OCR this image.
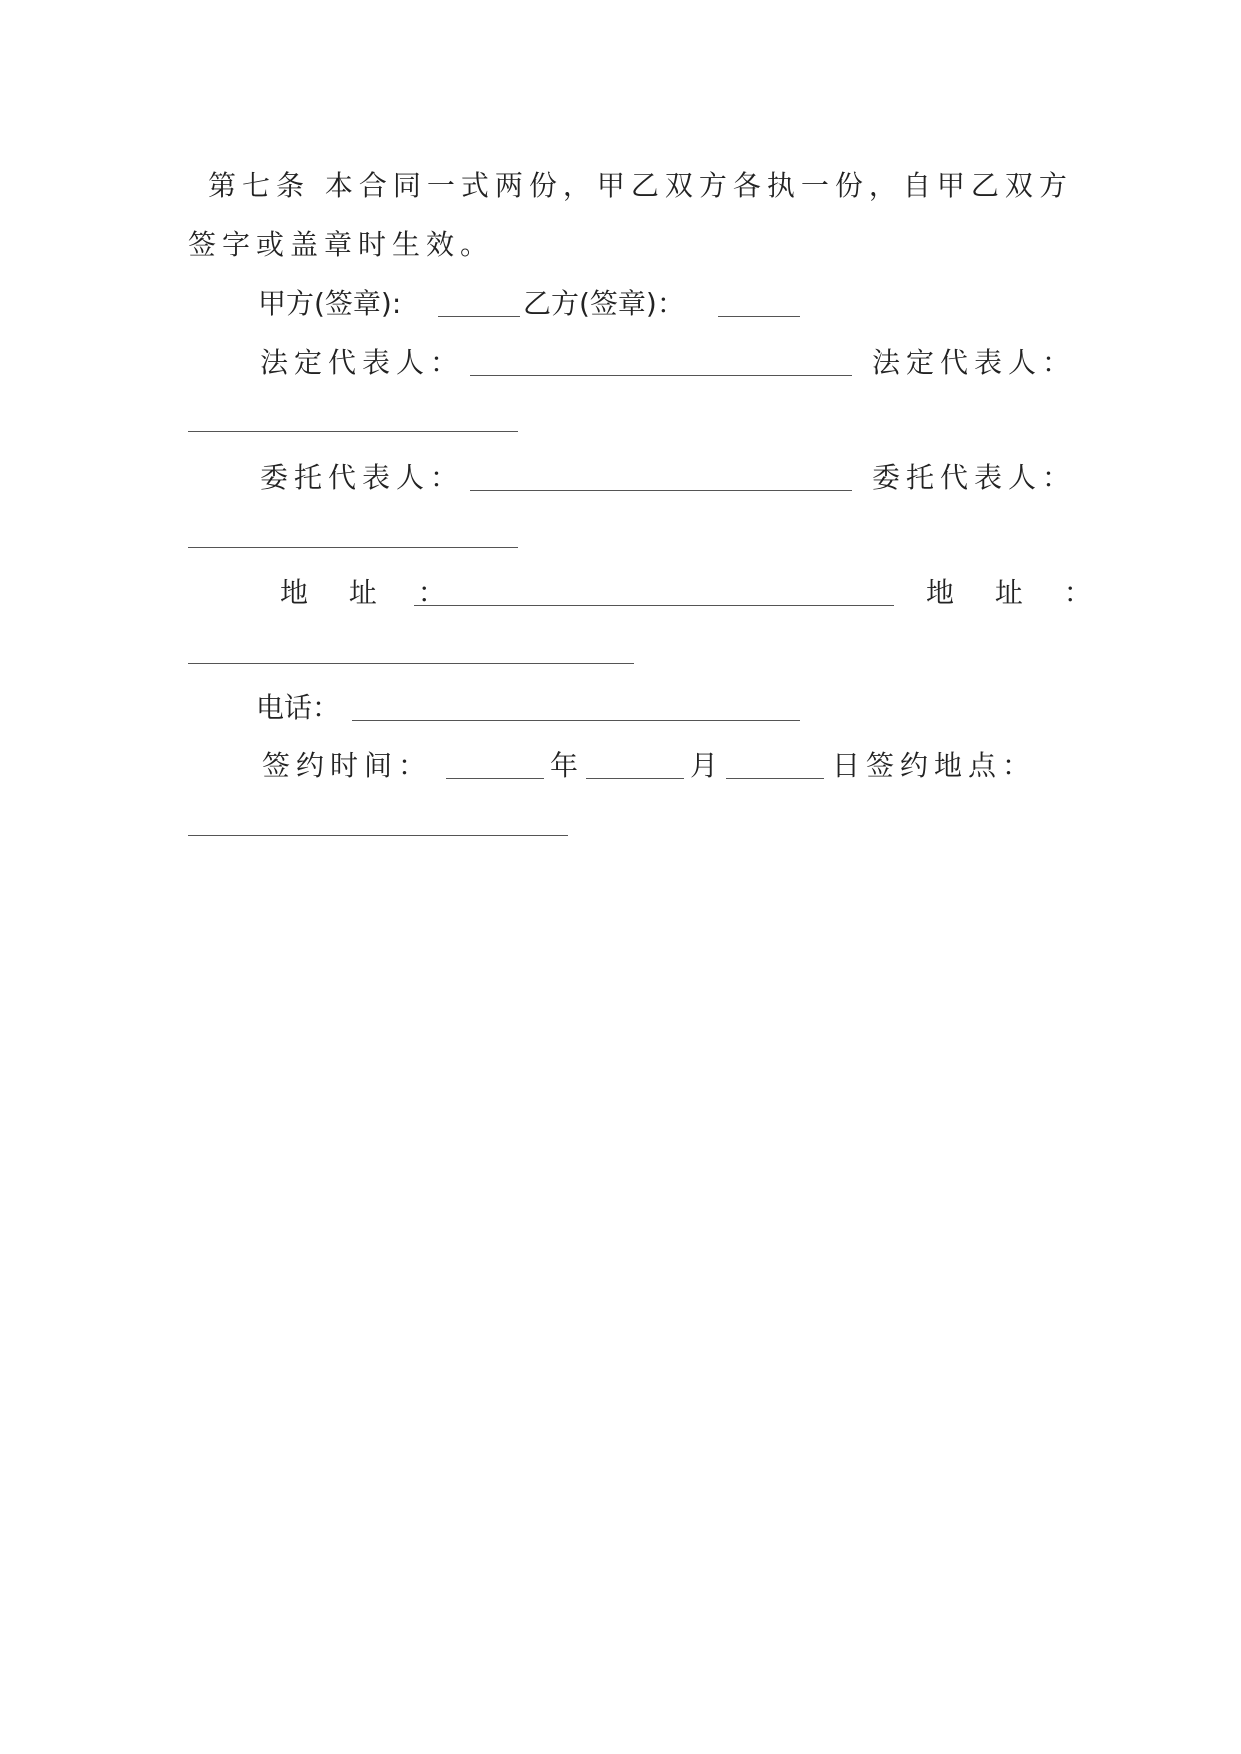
第七条 本合同一式两份，甲乙双方各执一份，自甲乙双方
签字或盖章时生效。
甲方(签章):	乙方(签章)：
法定代表人：	法定代表人：
委托代表人：	委托代表人：
地 址 ：	地 址 ：
电话：
签约时间：	年	月	日签约地点：
